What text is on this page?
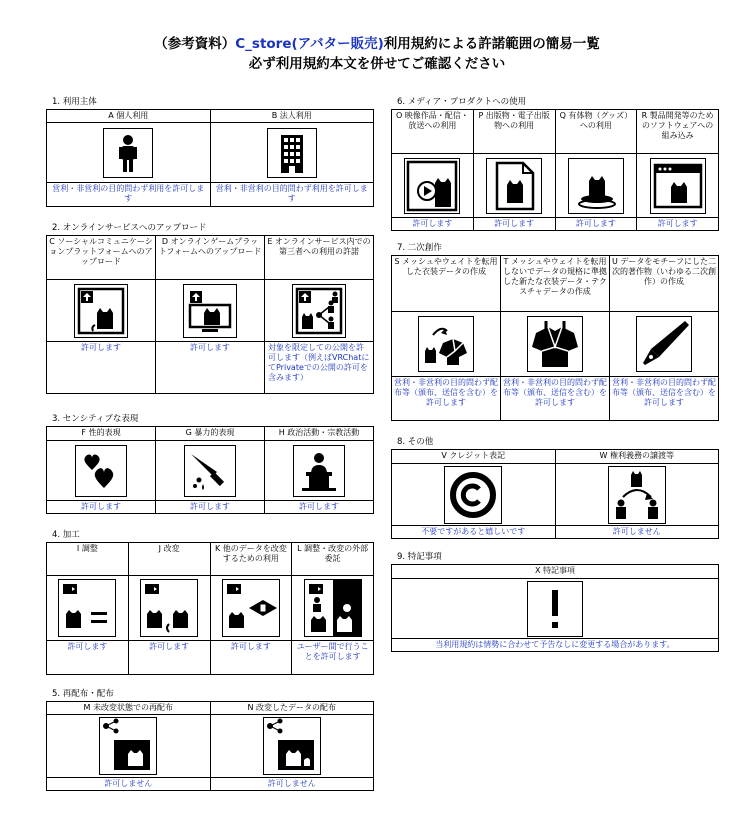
（参考資料）C_store(アバター販売)利用規約による許諾範囲の簡易一覧
必ず利用規約本文を併せてご確認ください
1. 利用主体
A 個人利用	B 法人利用

営利・非営利の目的問わず利用を許可します	営利・非営利の目的問わず利用を許可します
2. オンラインサービスへのアップロード
C ソーシャルコミュニケーションプラットフォームへのアップロード	D オンラインゲームプラットフォームへのアップロード	E オンラインサービス内での第三者への利用の許諾

許可します	許可します	対象を限定しての公開を許可します（例えばVRChatにてPrivateでの公開の許可を含みます）
3. センシティブな表現
F 性的表現	G 暴力的表現	H 政治活動・宗教活動

許可します	許可します	許可します
4. 加工
I 調整	J 改変	K 他のデータを改変するための利用	L 調整・改変の外部委託

許可します	許可します	許可します	ユーザー間で行うことを許可します
5. 再配布・配布
M 未改変状態での再配布	N 改変したデータの配布

許可しません	許可しません
6. メディア・プロダクトへの使用
O 映像作品・配信・放送への利用	P 出版物・電子出版物への利用	Q 有体物（グッズ）への利用	R 製品開発等のためのソフトウェアへの組み込み

許可します	許可します	許可します	許可します
7. 二次創作
S メッシュやウェイトを転用した衣装データの作成	T メッシュやウェイトを転用しないでデータの規格に準拠した新たな衣装データ・テクスチャデータの作成	U データをモチーフにした二次的著作物（いわゆる二次創作）の作成

営利・非営利の目的問わず配布等（頒布、送信を含む）を許可します	営利・非営利の目的問わず配布等（頒布、送信を含む）を許可します	営利・非営利の目的問わず配布等（頒布、送信を含む）を許可します
8. その他
V クレジット表記	W 権利義務の譲渡等

不要ですがあると嬉しいです	許可しません
9. 特記事項
X 特記事項

当利用規約は情勢に合わせて予告なしに変更する場合があります。
